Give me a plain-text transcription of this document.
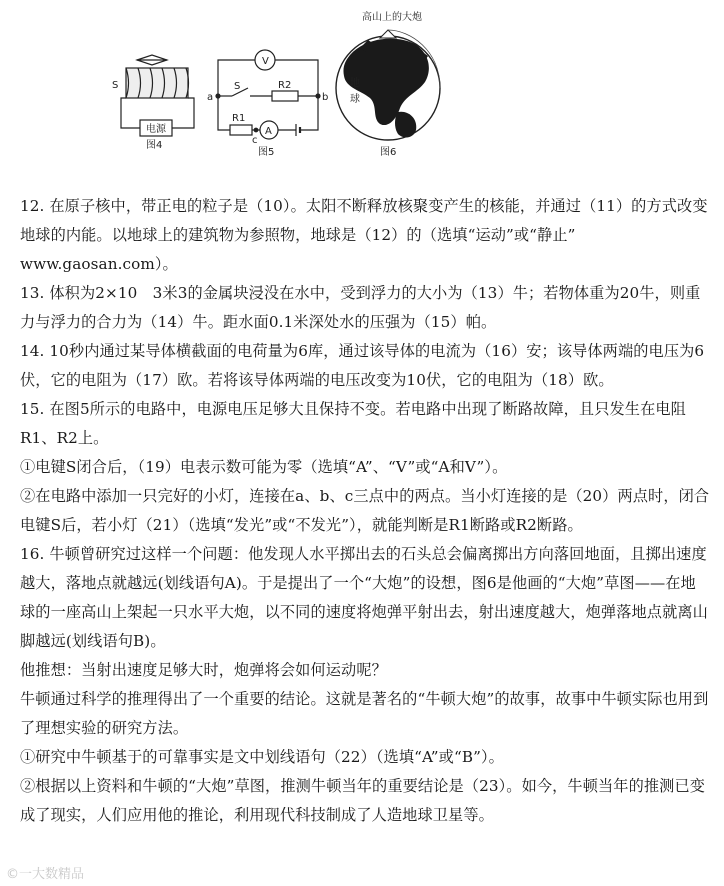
S
电源
图4
V
A
a	b
c
S	R2
R1
图5
高山上的大炮
地
球
图6

12. 在原子核中，带正电的粒子是（10）。太阳不断释放核聚变产生的核能，并通过（11）的方式改变地球的内能。以地球上的建筑物为参照物，地球是（12）的（选填“运动”或“静止” www.gaosan.com）。

13. 体积为2×10　3米3的金属块浸没在水中，受到浮力的大小为（13）牛；若物体重为20牛，则重力与浮力的合力为（14）牛。距水面0.1米深处水的压强为（15）帕。

14. 10秒内通过某导体横截面的电荷量为6库，通过该导体的电流为（16）安；该导体两端的电压为6伏，它的电阻为（17）欧。若将该导体两端的电压改变为10伏，它的电阻为（18）欧。

15. 在图5所示的电路中，电源电压足够大且保持不变。若电路中出现了断路故障，且只发生在电阻R1、R2上。

①电键S闭合后，（19）电表示数可能为零（选填“A”、“V”或“A和V”）。

②在电路中添加一只完好的小灯，连接在a、b、c三点中的两点。当小灯连接的是（20）两点时，闭合电键S后，若小灯（21）（选填“发光”或“不发光”），就能判断是R1断路或R2断路。

16. 牛顿曾研究过这样一个问题：他发现人水平掷出去的石头总会偏离掷出方向落回地面，且掷出速度越大，落地点就越远(划线语句A)。于是提出了一个“大炮”的设想，图6是他画的“大炮”草图——在地球的一座高山上架起一只水平大炮，以不同的速度将炮弹平射出去，射出速度越大，炮弹落地点就离山脚越远(划线语句B)。

他推想：当射出速度足够大时，炮弹将会如何运动呢？

牛顿通过科学的推理得出了一个重要的结论。这就是著名的“牛顿大炮”的故事，故事中牛顿实际也用到了理想实验的研究方法。

①研究中牛顿基于的可靠事实是文中划线语句（22）（选填“A”或“B”）。

②根据以上资料和牛顿的“大炮”草图，推测牛顿当年的重要结论是（23）。如今，牛顿当年的推测已变成了现实，人们应用他的推论，利用现代科技制成了人造地球卫星等。

©一大数精品
